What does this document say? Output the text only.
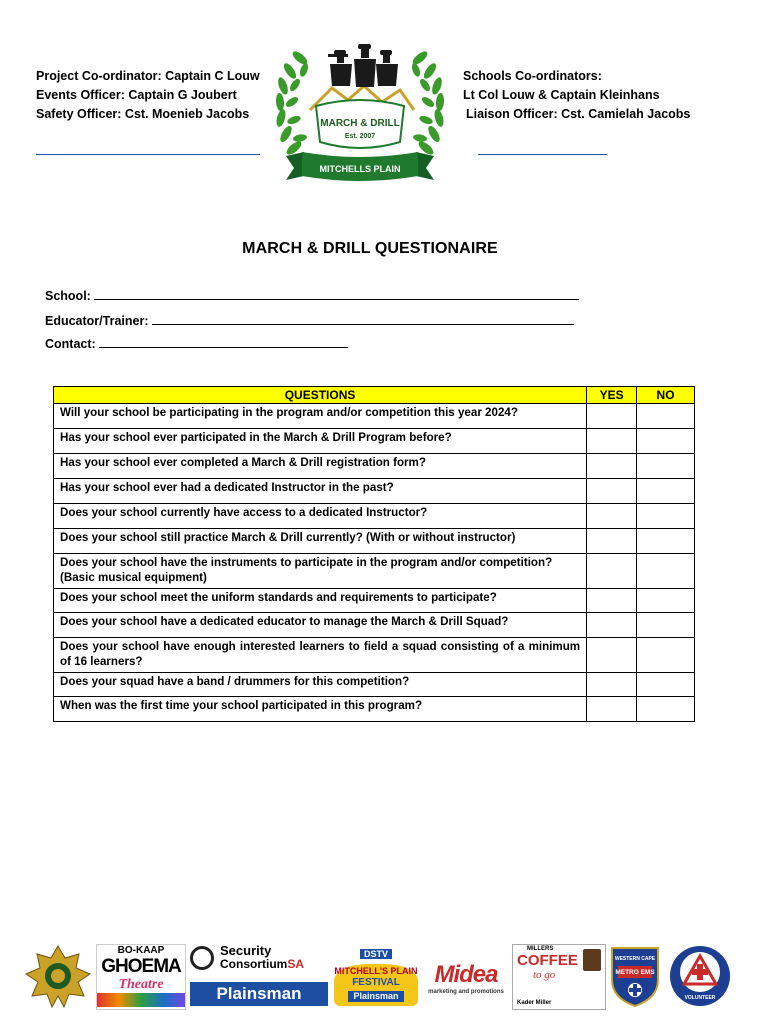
Project Co-ordinator: Captain C Louw
Events Officer: Captain G Joubert
Safety Officer: Cst. Moenieb Jacobs
Schools Co-ordinators:
Lt Col Louw & Captain Kleinhans
Liaison Officer: Cst. Camielah Jacobs
MARCH & DRILL
Est. 2007
MITCHELLS PLAIN
MARCH & DRILL QUESTIONAIRE
School:
Educator/Trainer:
Contact:
QUESTIONS	YES	NO
Will your school be participating in the program and/or competition this year 2024?		
Has your school ever participated in the March & Drill Program before?		
Has your school ever completed a March & Drill registration form?		
Has your school ever had a dedicated Instructor in the past?		
Does your school currently have access to a dedicated Instructor?		
Does your school still practice March & Drill currently? (With or without instructor)		
Does your school have the instruments to participate in the program and/or competition? (Basic musical equipment)		
Does your school meet the uniform standards and requirements to participate?		
Does your school have a dedicated educator to manage the March & Drill Squad?		
Does your school have enough interested learners to field a squad consisting of a minimum of 16 learners?		
Does your squad have a band / drummers for this competition?		
When was the first time your school participated in this program?		
BO-KAAP
GHOEMA
Theatre
Security
ConsortiumSA
Plainsman
DSTV
MITCHELL'S PLAIN
FESTIVAL
Plainsman
Midea
marketing and promotions
MILLERS
COFFEE
to go
Kader Miller
WESTERN CAPE
METRO EMS
VOLUNTEER
